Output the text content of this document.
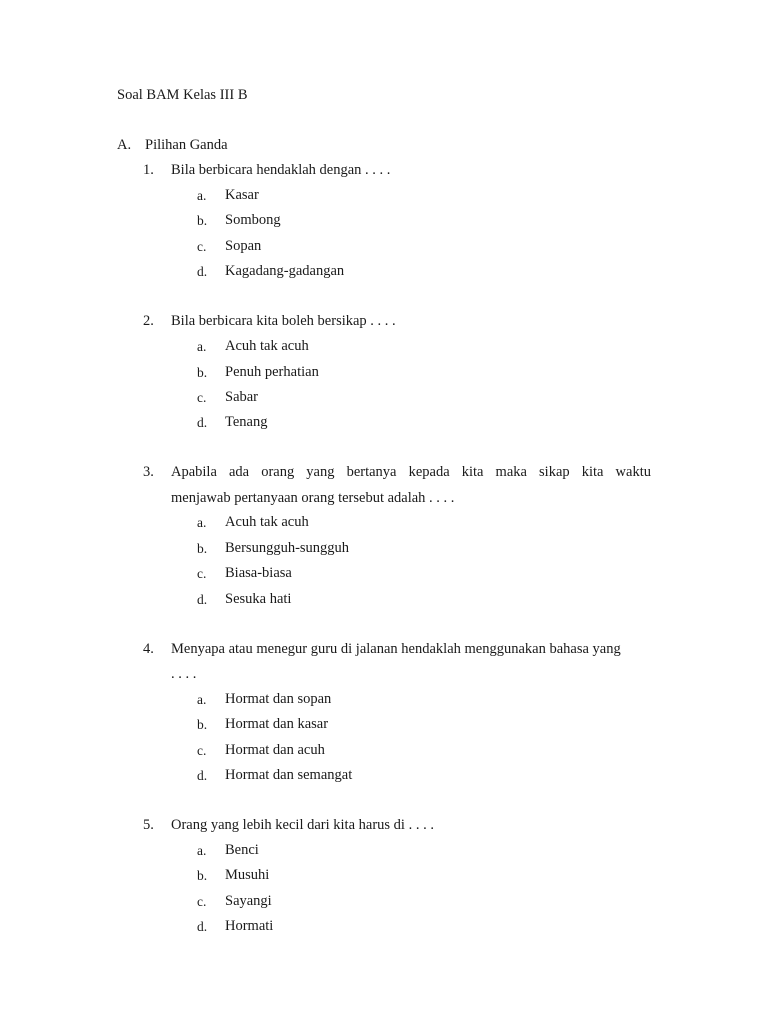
Soal BAM Kelas III B
A. Pilihan Ganda
1. Bila berbicara hendaklah dengan . . . .
a. Kasar
b. Sombong
c. Sopan
d. Kagadang-gadangan
2. Bila berbicara kita boleh bersikap . . . .
a. Acuh tak acuh
b. Penuh perhatian
c. Sabar
d. Tenang
3. Apabila ada orang yang bertanya kepada kita maka sikap kita waktu
menjawab pertanyaan orang tersebut adalah . . . .
a. Acuh tak acuh
b. Bersungguh-sungguh
c. Biasa-biasa
d. Sesuka hati
4. Menyapa atau menegur guru di jalanan hendaklah menggunakan bahasa yang
. . . .
a. Hormat dan sopan
b. Hormat dan kasar
c. Hormat dan acuh
d. Hormat dan semangat
5. Orang yang lebih kecil dari kita harus di . . . .
a. Benci
b. Musuhi
c. Sayangi
d. Hormati
